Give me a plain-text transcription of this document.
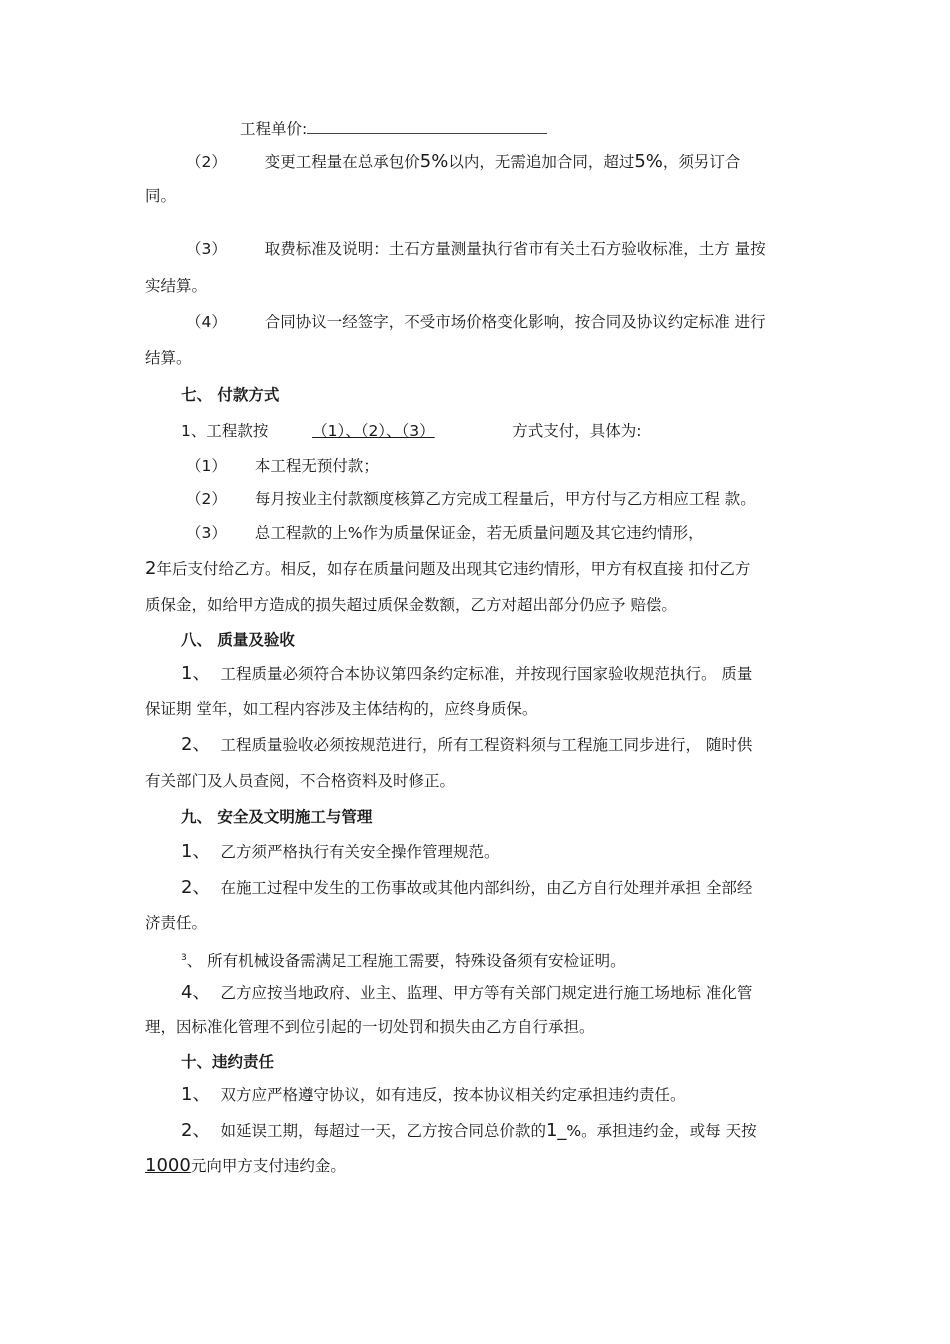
工程单价:
（2） 变更工程量在总承包价5%以内，无需追加合同，超过5%，须另订合
同。
（3） 取费标准及说明：土石方量测量执行省市有关土石方验收标准，土方 量按
实结算。
（4） 合同协议一经签字，不受市场价格变化影响，按合同及协议约定标准 进行
结算。
七、 付款方式
1、工程款按	（1）、（2）、（3）	方式支付，具体为:
（1） 本工程无预付款；
（2） 每月按业主付款额度核算乙方完成工程量后，甲方付与乙方相应工程 款。
（3） 总工程款的上%作为质量保证金，若无质量问题及其它违约情形，
2年后支付给乙方。相反，如存在质量问题及出现其它违约情形，甲方有权直接 扣付乙方
质保金，如给甲方造成的损失超过质保金数额，乙方对超出部分仍应予 赔偿。
八、 质量及验收
1、 工程质量必须符合本协议第四条约定标准，并按现行国家验收规范执行。 质量
保证期 堂年，如工程内容涉及主体结构的，应终身质保。
2、 工程质量验收必须按规范进行，所有工程资料须与工程施工同步进行， 随时供
有关部门及人员查阅，不合格资料及时修正。
九、 安全及文明施工与管理
1、 乙方须严格执行有关安全操作管理规范。
2、 在施工过程中发生的工伤事故或其他内部纠纷，由乙方自行处理并承担 全部经
济责任。
$^3$、 所有机械设备需满足工程施工需要，特殊设备须有安检证明。
4、 乙方应按当地政府、业主、监理、甲方等有关部门规定进行施工场地标 准化管
理，因标准化管理不到位引起的一切处罚和损失由乙方自行承担。
十、违约责任
1、 双方应严格遵守协议，如有违反，按本协议相关约定承担违约责任。
2、 如延误工期，每超过一天，乙方按合同总价款的1_%。承担违约金，或每 天按
1000元向甲方支付违约金。
